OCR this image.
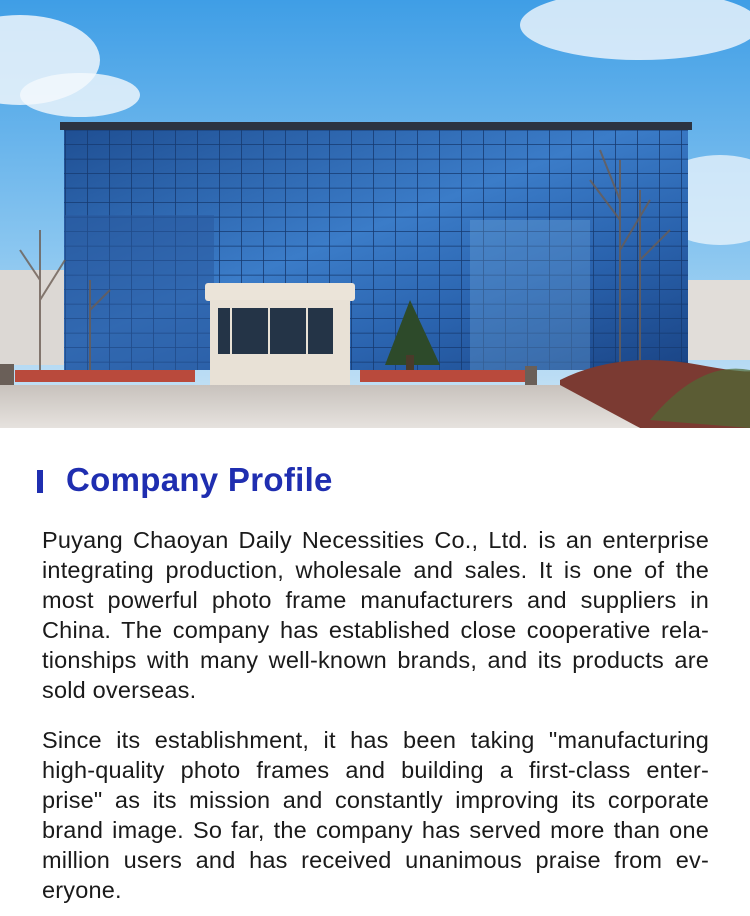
Company Profile

Puyang Chaoyan Daily Necessities Co., Ltd. is an enterprise
integrating production, wholesale and sales. It is one of the
most powerful photo frame manufacturers and suppliers in
China. The company has established close cooperative rela-
tionships with many well-known brands, and its products are
sold overseas.

Since its establishment, it has been taking "manufacturing
high-quality photo frames and building a first-class enter-
prise" as its mission and constantly improving its corporate
brand image. So far, the company has served more than one
million users and has received unanimous praise from ev-
eryone.
